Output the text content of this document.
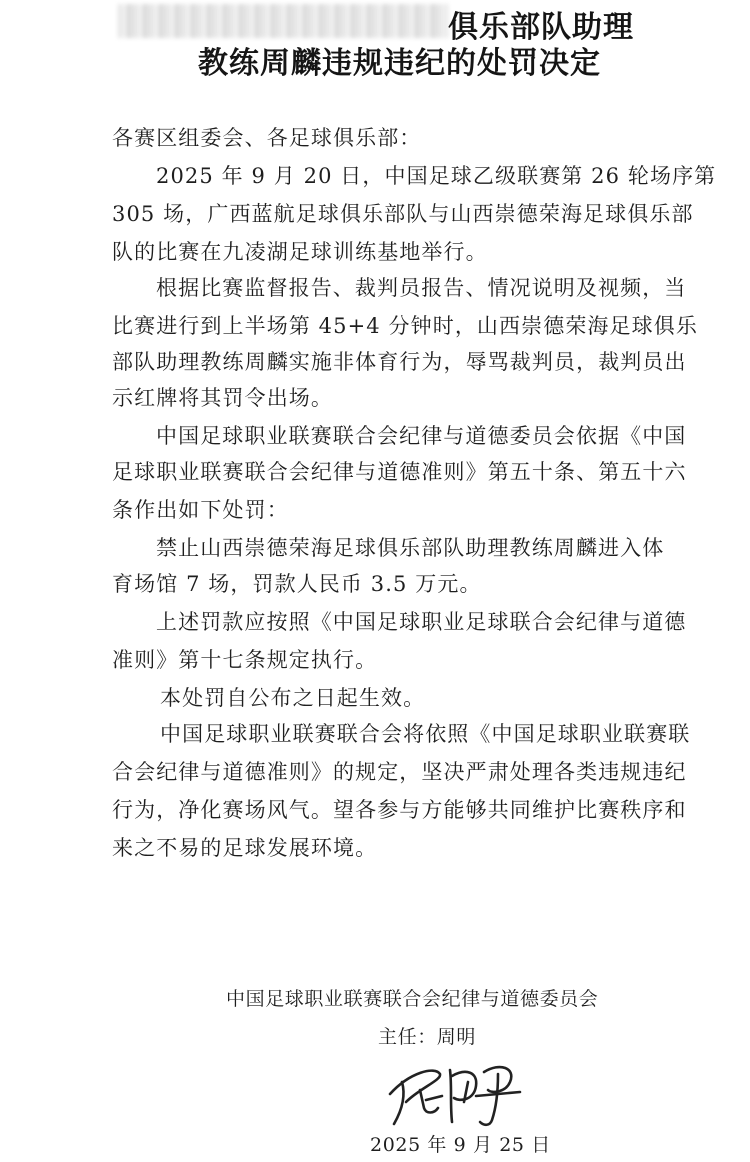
俱乐部队助理
教练周麟违规违纪的处罚决定
各赛区组委会、各足球俱乐部：
2025 年 9 月 20 日，中国足球乙级联赛第 26 轮场序第
305 场，广西蓝航足球俱乐部队与山西崇德荣海足球俱乐部
队的比赛在九凌湖足球训练基地举行。
根据比赛监督报告、裁判员报告、情况说明及视频，当
比赛进行到上半场第 45+4 分钟时，山西崇德荣海足球俱乐
部队助理教练周麟实施非体育行为，辱骂裁判员，裁判员出
示红牌将其罚令出场。
中国足球职业联赛联合会纪律与道德委员会依据《中国
足球职业联赛联合会纪律与道德准则》第五十条、第五十六
条作出如下处罚：
禁止山西崇德荣海足球俱乐部队助理教练周麟进入体
育场馆 7 场，罚款人民币 3.5 万元。
上述罚款应按照《中国足球职业足球联合会纪律与道德
准则》第十七条规定执行。
本处罚自公布之日起生效。
中国足球职业联赛联合会将依照《中国足球职业联赛联
合会纪律与道德准则》的规定，坚决严肃处理各类违规违纪
行为，净化赛场风气。望各参与方能够共同维护比赛秩序和
来之不易的足球发展环境。
中国足球职业联赛联合会纪律与道德委员会
主任：周明
2025 年 9 月 25 日
